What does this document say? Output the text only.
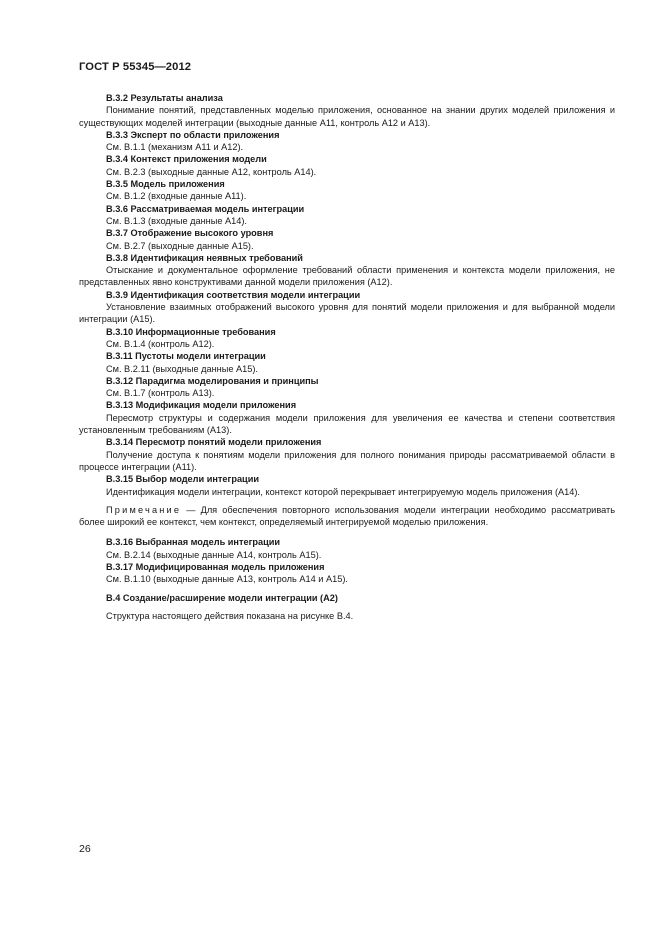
ГОСТ Р 55345—2012

В.3.2 Результаты анализа

Понимание понятий, представленных моделью приложения, основанное на знании других моделей приложения и существующих моделей интеграции (выходные данные А11, контроль А12 и А13).

В.3.3 Эксперт по области приложения

См. В.1.1 (механизм А11 и А12).

В.3.4 Контекст приложения модели

См. В.2.3 (выходные данные А12, контроль А14).

В.3.5 Модель приложения

См. В.1.2 (входные данные А11).

В.3.6 Рассматриваемая модель интеграции

См. В.1.3 (входные данные А14).

В.3.7 Отображение высокого уровня

См. В.2.7 (выходные данные А15).

В.3.8 Идентификация неявных требований

Отыскание и документальное оформление требований области применения и контекста модели приложения, не представленных явно конструктивами данной модели приложения (А12).

В.3.9 Идентификация соответствия модели интеграции

Установление взаимных отображений высокого уровня для понятий модели приложения и для выбранной модели интеграции (А15).

В.3.10 Информационные требования

См. В.1.4 (контроль А12).

В.3.11 Пустоты модели интеграции

См. В.2.11 (выходные данные А15).

В.3.12 Парадигма моделирования и принципы

См. В.1.7 (контроль А13).

В.3.13 Модификация модели приложения

Пересмотр структуры и содержания модели приложения для увеличения ее качества и степени соответствия установленным требованиям (А13).

В.3.14 Пересмотр понятий модели приложения

Получение доступа к понятиям модели приложения для полного понимания природы рассматриваемой области в процессе интеграции (А11).

В.3.15 Выбор модели интеграции

Идентификация модели интеграции, контекст которой перекрывает интегрируемую модель приложения (А14).

Примечание — Для обеспечения повторного использования модели интеграции необходимо рассматривать более широкий ее контекст, чем контекст, определяемый интегрируемой моделью приложения.

В.3.16 Выбранная модель интеграции

См. В.2.14 (выходные данные А14, контроль А15).

В.3.17 Модифицированная модель приложения

См. В.1.10 (выходные данные А13, контроль А14 и А15).

В.4 Создание/расширение модели интеграции (А2)

Структура настоящего действия показана на рисунке В.4.

26
